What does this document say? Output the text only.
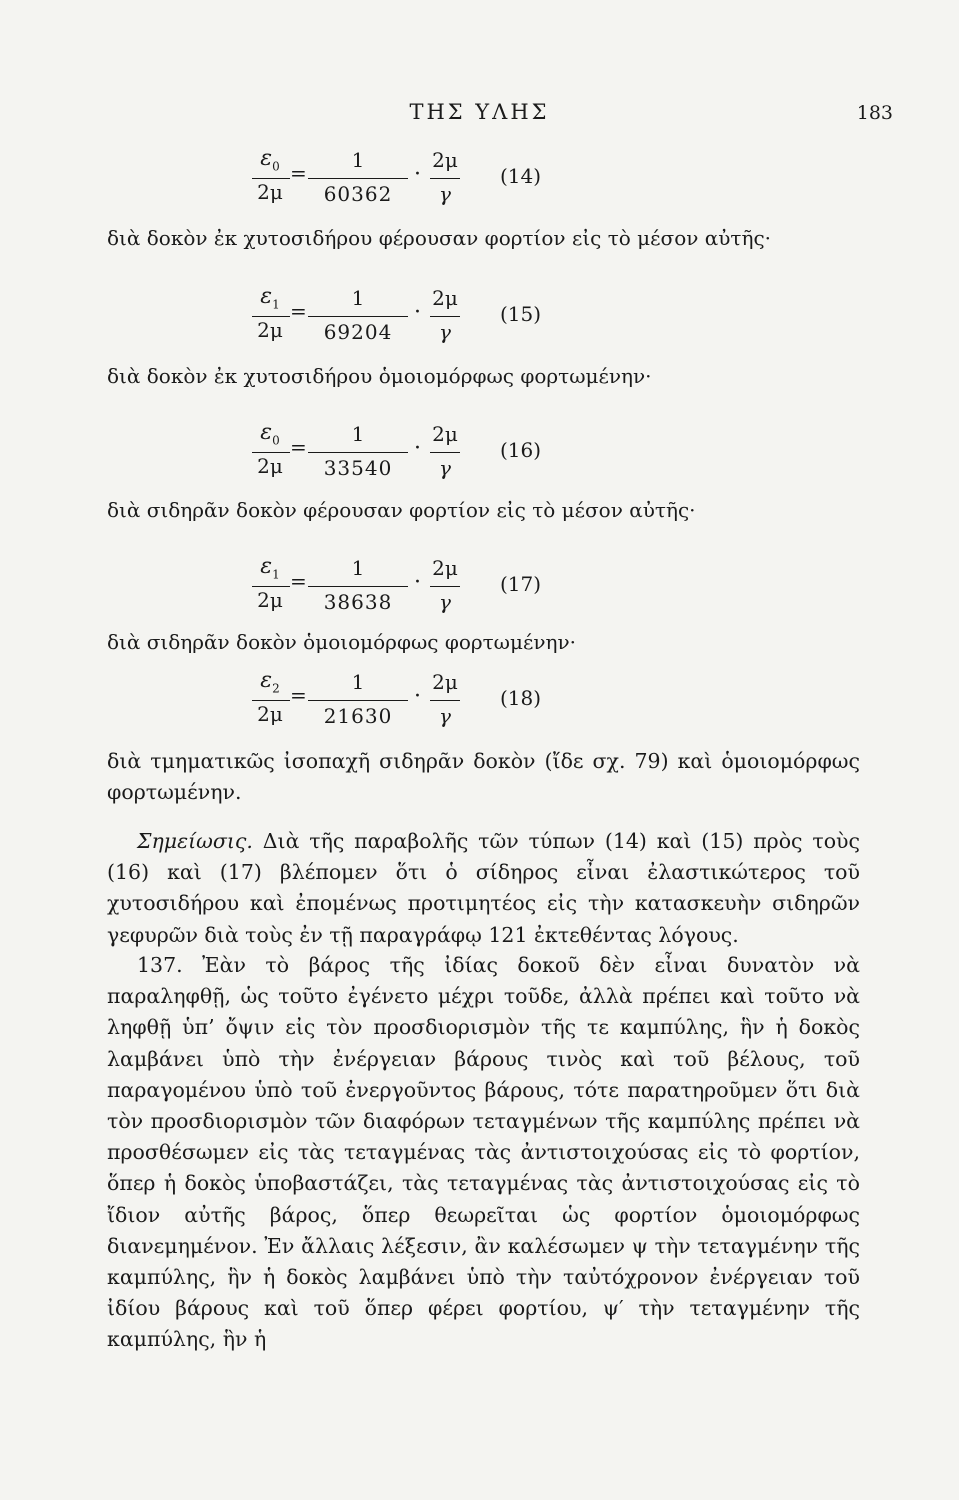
ΤΗΣ ΥΛΗΣ	183
$\varepsilon_0$
2μ
=
1
60362
·
2μ
γ
(14)
διὰ δοκὸν ἐκ χυτοσιδήρου φέρουσαν φορτίον εἰς τὸ μέσον αὐτῆς·
$\varepsilon_1$
2μ
=
1
69204
·
2μ
γ
(15)
διὰ δοκὸν ἐκ χυτοσιδήρου ὁμοιομόρφως φορτωμένην·
$\varepsilon_0$
2μ
=
1
33540
·
2μ
γ
(16)
διὰ σιδηρᾶν δοκὸν φέρουσαν φορτίον εἰς τὸ μέσον αὐτῆς·
$\varepsilon_1$
2μ
=
1
38638
·
2μ
γ
(17)
διὰ σιδηρᾶν δοκὸν ὁμοιομόρφως φορτωμένην·
$\varepsilon_2$
2μ
=
1
21630
·
2μ
γ
(18)
διὰ τμηματικῶς ἰσοπαχῆ σιδηρᾶν δοκὸν (ἴδε σχ. 79) καὶ ὁμοιομόρφως φορτωμένην.
Σημείωσις. Διὰ τῆς παραβολῆς τῶν τύπων (14) καὶ (15) πρὸς τοὺς (16) καὶ (17) βλέπομεν ὅτι ὁ σίδηρος εἶναι ἐλαστικώτερος τοῦ χυτοσιδήρου καὶ ἐπομένως προτιμητέος εἰς τὴν κατασκευὴν σιδηρῶν γεφυρῶν διὰ τοὺς ἐν τῇ παραγράφῳ 121 ἐκτεθέντας λόγους.
137. Ἐὰν τὸ βάρος τῆς ἰδίας δοκοῦ δὲν εἶναι δυνατὸν νὰ παραληφθῇ, ὡς τοῦτο ἐγένετο μέχρι τοῦδε, ἀλλὰ πρέπει καὶ τοῦτο νὰ ληφθῇ ὑπ’ ὄψιν εἰς τὸν προσδιορισμὸν τῆς τε καμπύλης, ἣν ἡ δοκὸς λαμβάνει ὑπὸ τὴν ἐνέργειαν βάρους τινὸς καὶ τοῦ βέλους, τοῦ παραγομένου ὑπὸ τοῦ ἐνεργοῦντος βάρους, τότε παρατηροῦμεν ὅτι διὰ τὸν προσδιορισμὸν τῶν διαφόρων τεταγμένων τῆς καμπύλης πρέπει νὰ προσθέσωμεν εἰς τὰς τεταγμένας τὰς ἀντιστοιχούσας εἰς τὸ φορτίον, ὅπερ ἡ δοκὸς ὑποβαστάζει, τὰς τεταγμένας τὰς ἀντιστοιχούσας εἰς τὸ ἴδιον αὐτῆς βάρος, ὅπερ θεωρεῖται ὡς φορτίον ὁμοιομόρφως διανεμημένον. Ἐν ἄλλαις λέξεσιν, ἂν καλέσωμεν ψ τὴν τεταγμένην τῆς καμπύλης, ἣν ἡ δοκὸς λαμβάνει ὑπὸ τὴν ταὐτόχρονον ἐνέργειαν τοῦ ἰδίου βάρους καὶ τοῦ ὅπερ φέρει φορτίου, ψ′ τὴν τεταγμένην τῆς καμπύλης, ἣν ἡ
